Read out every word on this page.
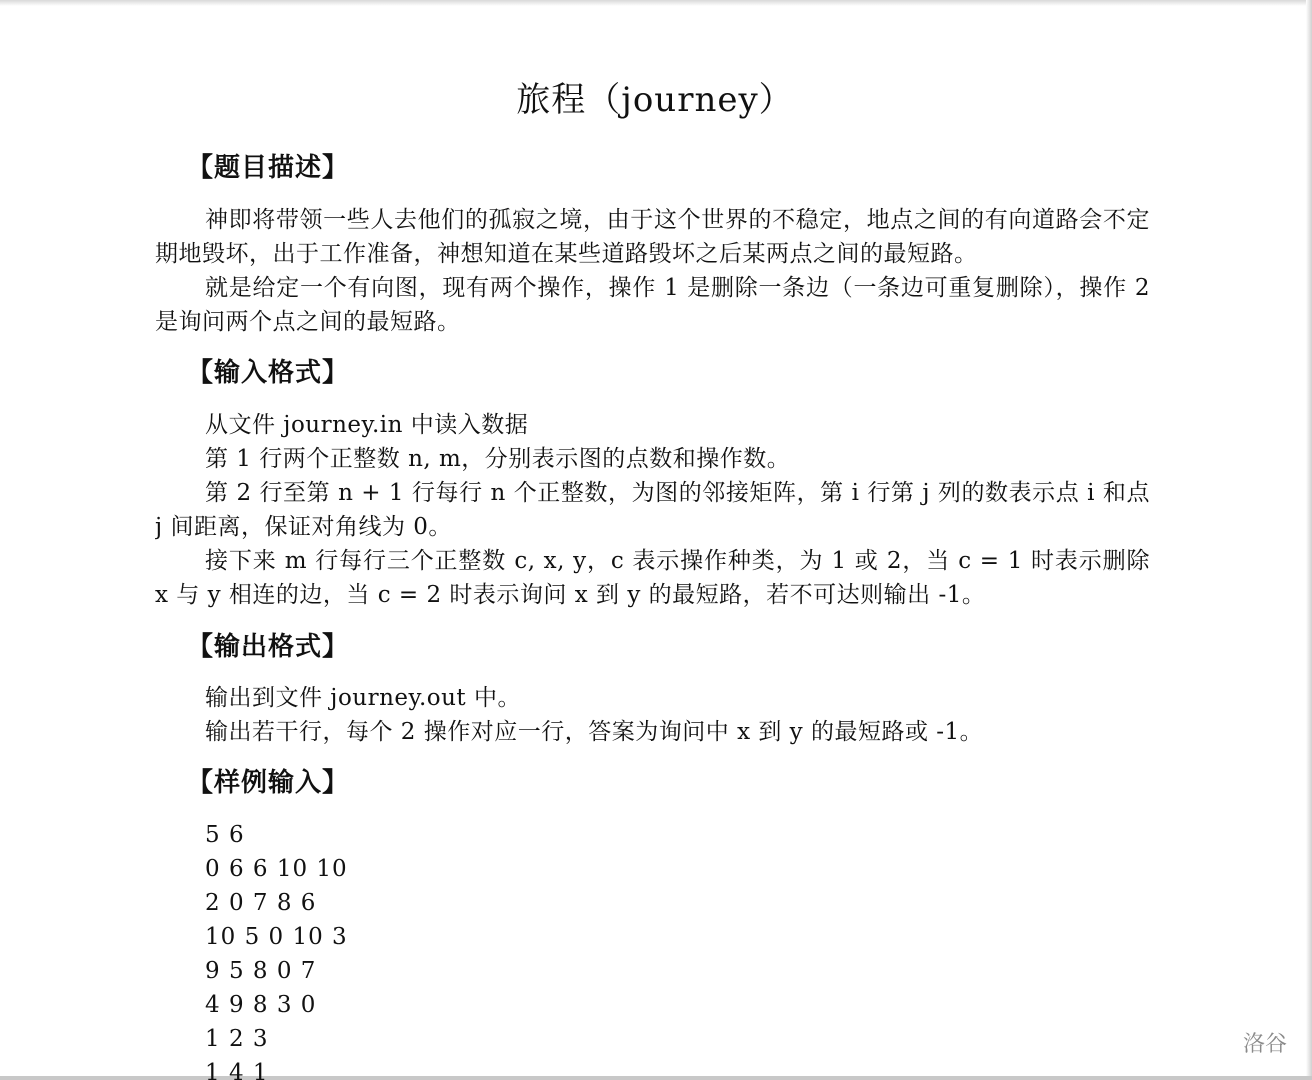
旅程（journey）
【题目描述】
神即将带领一些人去他们的孤寂之境，由于这个世界的不稳定，地点之间的有向道路会不定期地毁坏，出于工作准备，神想知道在某些道路毁坏之后某两点之间的最短路。
就是给定一个有向图，现有两个操作，操作 1 是删除一条边（一条边可重复删除），操作 2 是询问两个点之间的最短路。
【输入格式】
从文件 journey.in 中读入数据
第 1 行两个正整数 n, m，分别表示图的点数和操作数。
第 2 行至第 n + 1 行每行 n 个正整数，为图的邻接矩阵，第 i 行第 j 列的数表示点 i 和点 j 间距离，保证对角线为 0。
接下来 m 行每行三个正整数 c, x, y，c 表示操作种类，为 1 或 2，当 c = 1 时表示删除 x 与 y 相连的边，当 c = 2 时表示询问 x 到 y 的最短路，若不可达则输出 -1。
【输出格式】
输出到文件 journey.out 中。
输出若干行，每个 2 操作对应一行，答案为询问中 x 到 y 的最短路或 -1。
【样例输入】
5 6
0 6 6 10 10
2 0 7 8 6
10 5 0 10 3
9 5 8 0 7
4 9 8 3 0
1 2 3
1 4 1
洛谷
